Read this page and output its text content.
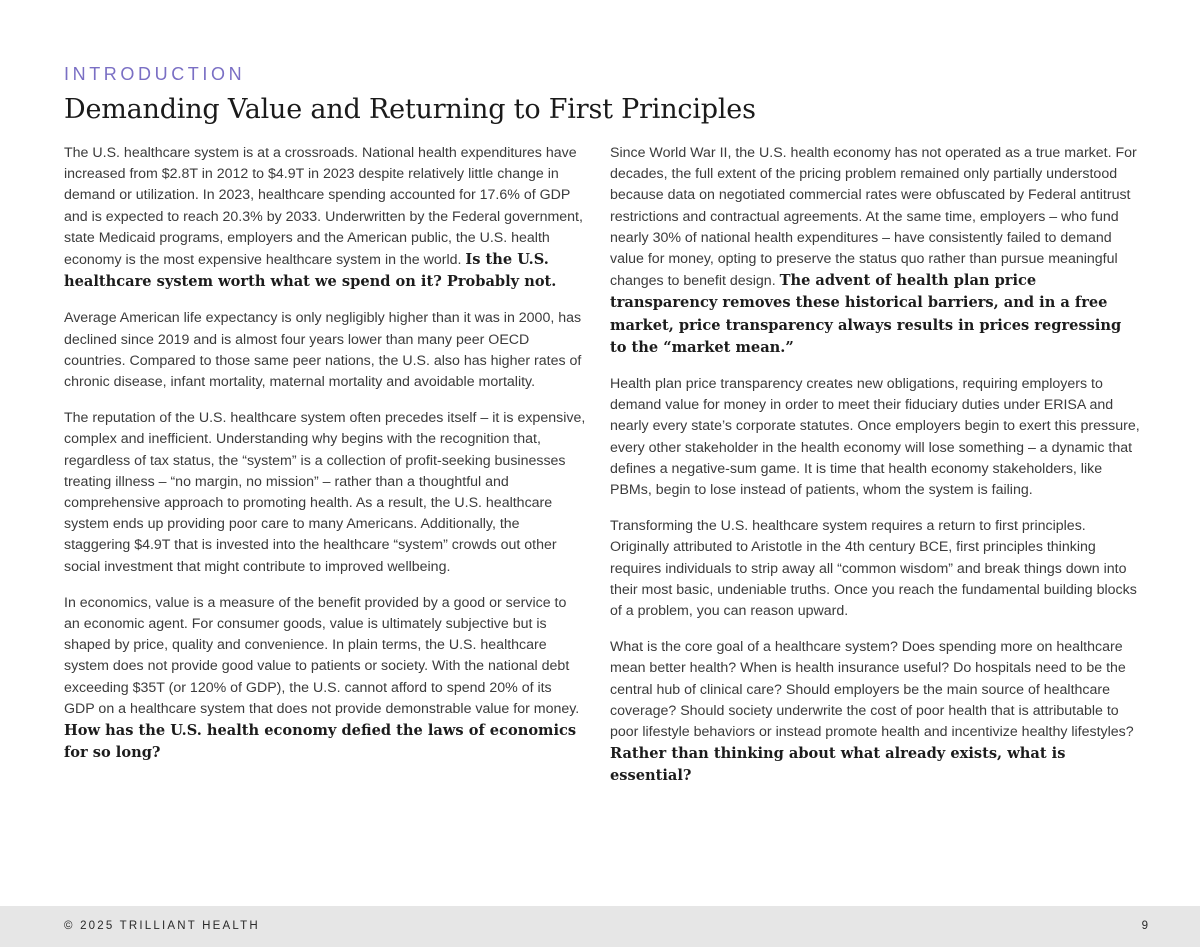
INTRODUCTION

Demanding Value and Returning to First Principles

The U.S. healthcare system is at a crossroads. National health expenditures have increased from $2.8T in 2012 to $4.9T in 2023 despite relatively little change in demand or utilization. In 2023, healthcare spending accounted for 17.6% of GDP and is expected to reach 20.3% by 2033. Underwritten by the Federal government, state Medicaid programs, employers and the American public, the U.S. health economy is the most expensive healthcare system in the world. Is the U.S. healthcare system worth what we spend on it? Probably not.

Average American life expectancy is only negligibly higher than it was in 2000, has declined since 2019 and is almost four years lower than many peer OECD countries. Compared to those same peer nations, the U.S. also has higher rates of chronic disease, infant mortality, maternal mortality and avoidable mortality.

The reputation of the U.S. healthcare system often precedes itself – it is expensive, complex and inefficient. Understanding why begins with the recognition that, regardless of tax status, the “system” is a collection of profit-seeking businesses treating illness – “no margin, no mission” – rather than a thoughtful and comprehensive approach to promoting health. As a result, the U.S. healthcare system ends up providing poor care to many Americans. Additionally, the staggering $4.9T that is invested into the healthcare “system” crowds out other social investment that might contribute to improved wellbeing.

In economics, value is a measure of the benefit provided by a good or service to an economic agent. For consumer goods, value is ultimately subjective but is shaped by price, quality and convenience. In plain terms, the U.S. healthcare system does not provide good value to patients or society. With the national debt exceeding $35T (or 120% of GDP), the U.S. cannot afford to spend 20% of its GDP on a healthcare system that does not provide demonstrable value for money. How has the U.S. health economy defied the laws of economics for so long?

Since World War II, the U.S. health economy has not operated as a true market. For decades, the full extent of the pricing problem remained only partially understood because data on negotiated commercial rates were obfuscated by Federal antitrust restrictions and contractual agreements. At the same time, employers – who fund nearly 30% of national health expenditures – have consistently failed to demand value for money, opting to preserve the status quo rather than pursue meaningful changes to benefit design. The advent of health plan price transparency removes these historical barriers, and in a free market, price transparency always results in prices regressing to the “market mean.”

Health plan price transparency creates new obligations, requiring employers to demand value for money in order to meet their fiduciary duties under ERISA and nearly every state’s corporate statutes. Once employers begin to exert this pressure, every other stakeholder in the health economy will lose something – a dynamic that defines a negative-sum game. It is time that health economy stakeholders, like PBMs, begin to lose instead of patients, whom the system is failing.

Transforming the U.S. healthcare system requires a return to first principles. Originally attributed to Aristotle in the 4th century BCE, first principles thinking requires individuals to strip away all “common wisdom” and break things down into their most basic, undeniable truths. Once you reach the fundamental building blocks of a problem, you can reason upward.

What is the core goal of a healthcare system? Does spending more on healthcare mean better health? When is health insurance useful? Do hospitals need to be the central hub of clinical care? Should employers be the main source of healthcare coverage? Should society underwrite the cost of poor health that is attributable to poor lifestyle behaviors or instead promote health and incentivize healthy lifestyles? Rather than thinking about what already exists, what is essential?

© 2025 TRILLIANT HEALTH	9
